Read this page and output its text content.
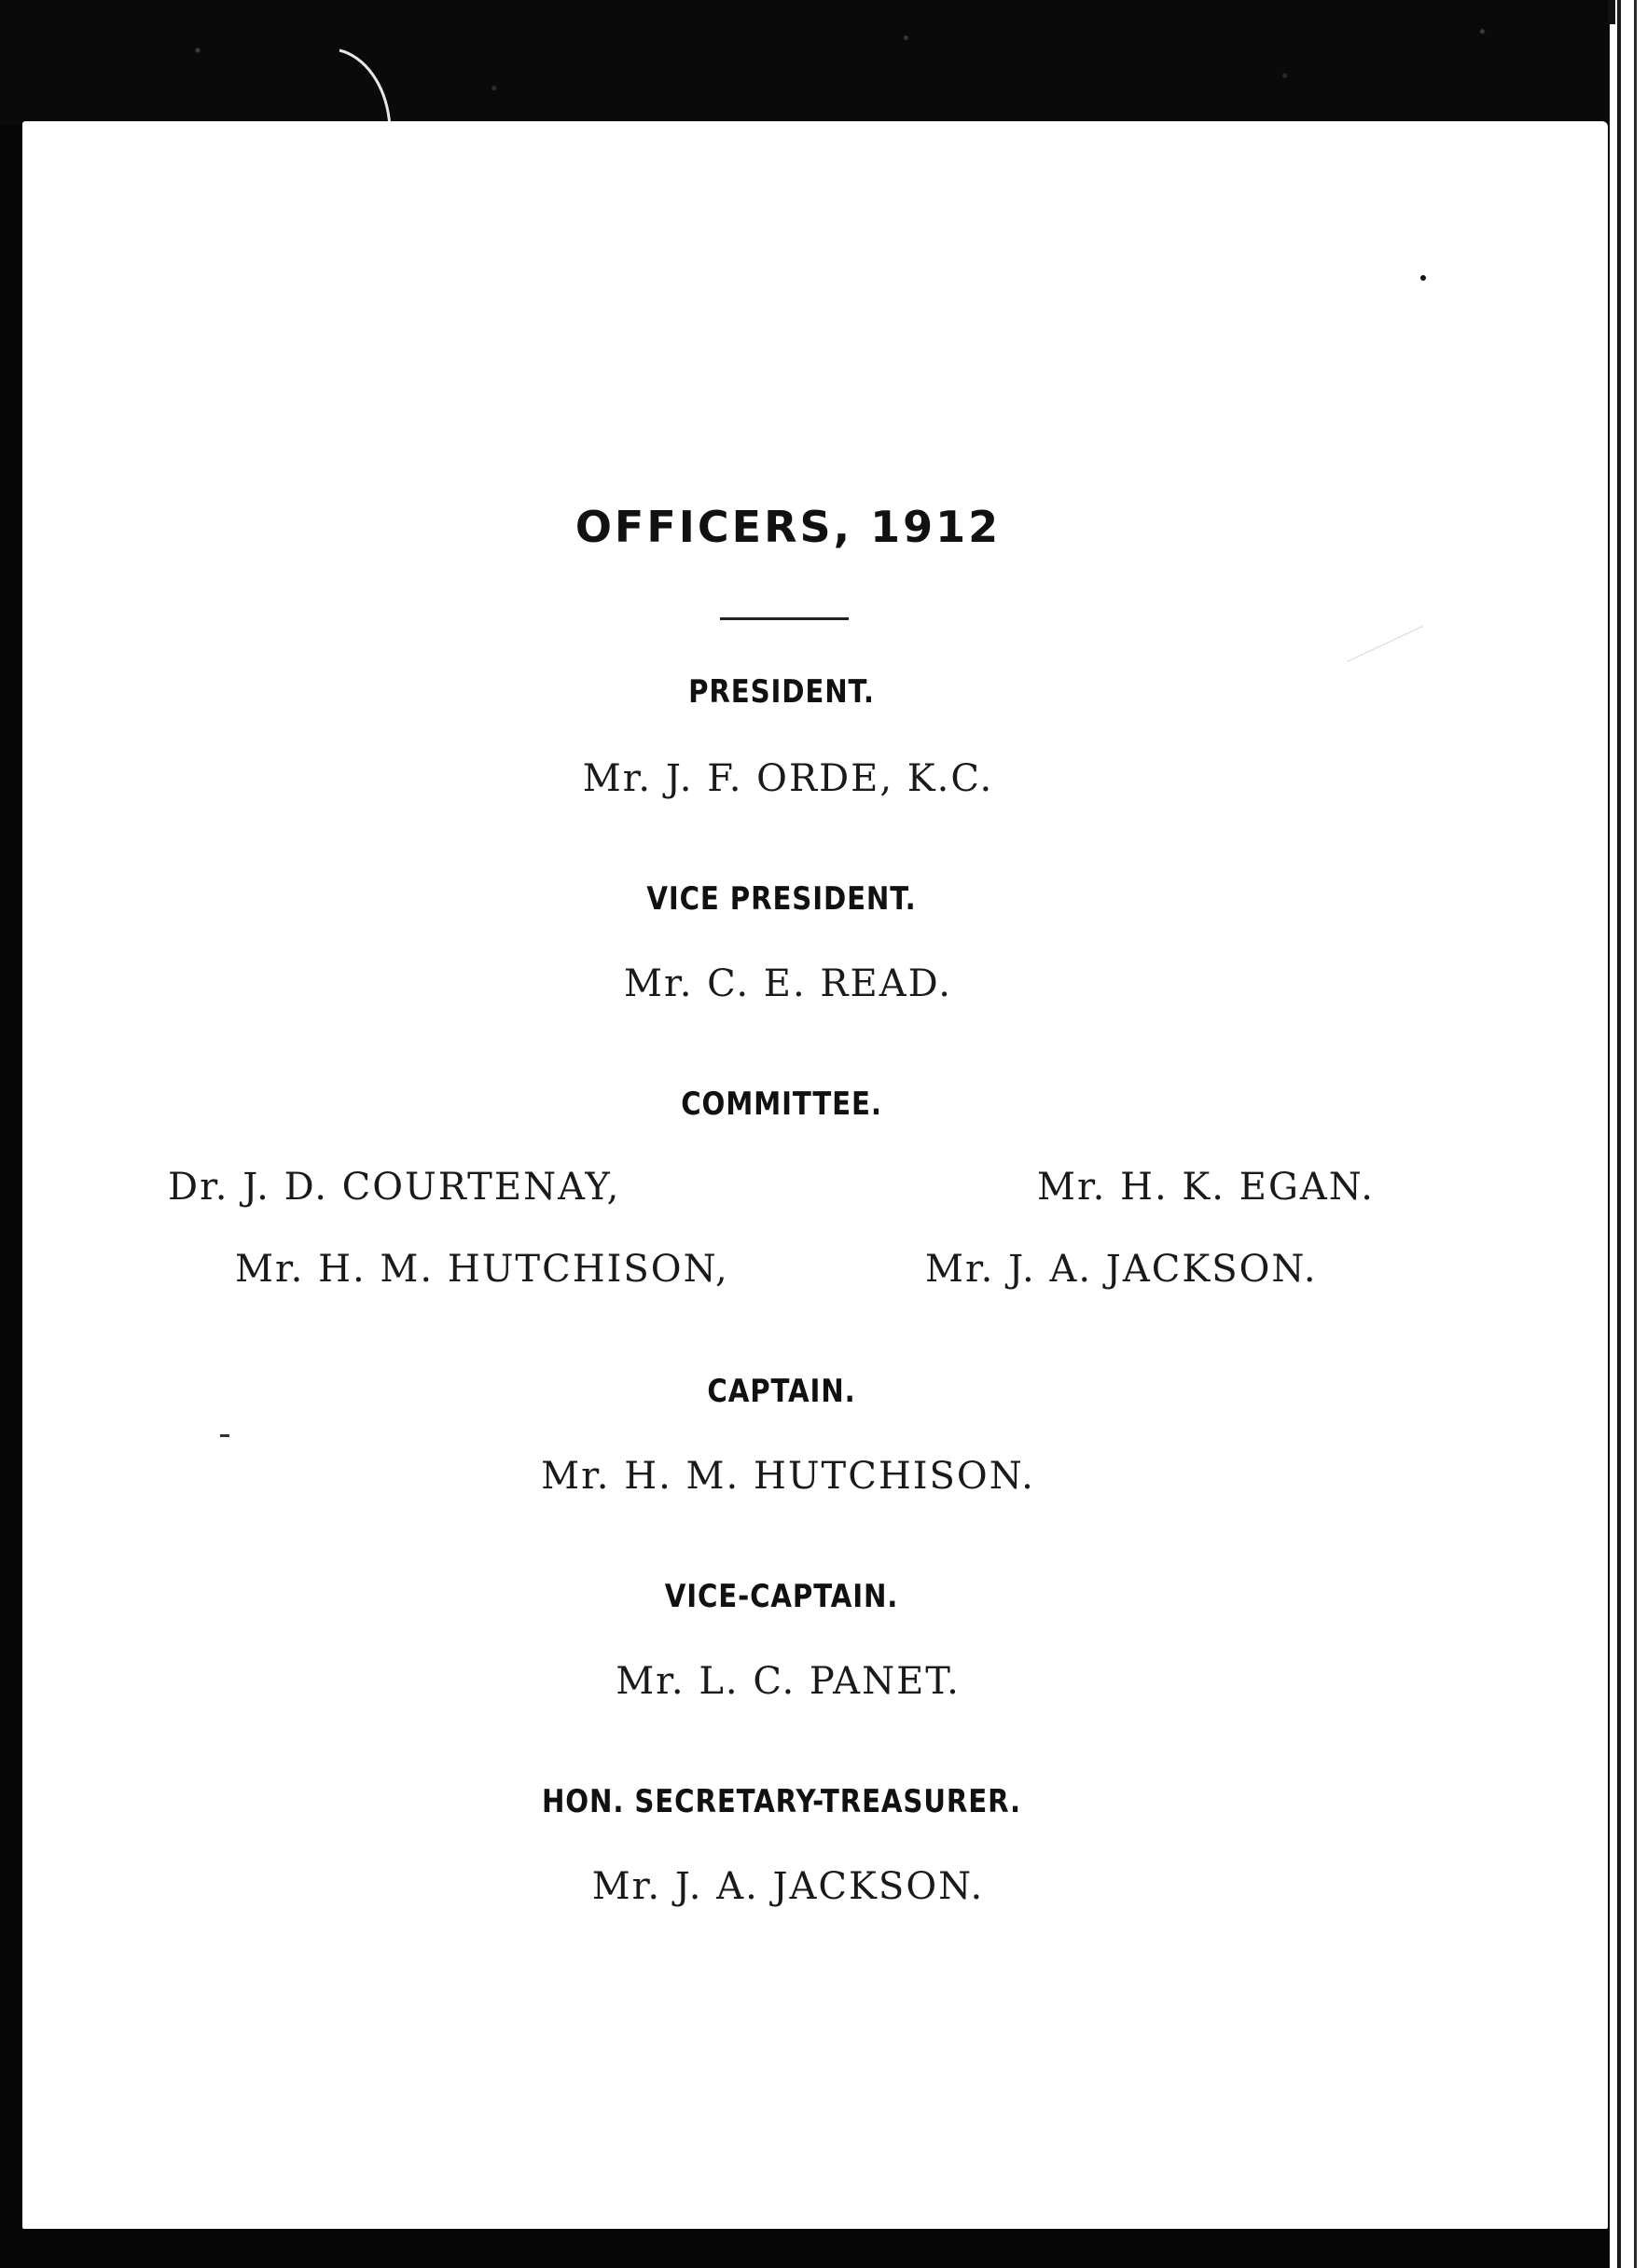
OFFICERS, 1912
PRESIDENT.
Mr. J. F. ORDE, K.C.
VICE PRESIDENT.
Mr. C. E. READ.
COMMITTEE.
Dr. J. D. COURTENAY,	Mr. H. K. EGAN.
Mr. H. M. HUTCHISON,	Mr. J. A. JACKSON.
CAPTAIN.
Mr. H. M. HUTCHISON.
VICE-CAPTAIN.
Mr. L. C. PANET.
HON. SECRETARY-TREASURER.
Mr. J. A. JACKSON.
